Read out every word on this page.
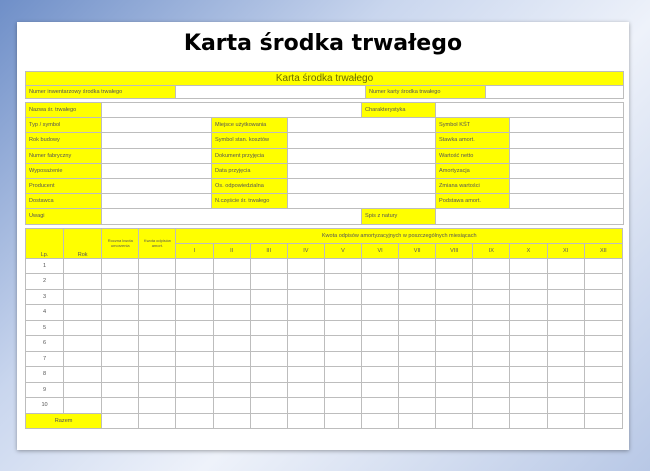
Karta środka trwałego
Karta środka trwałego
Numer inwentarzowy środka trwałego		Numer karty środka trwałego	
Nazwa śr. trwałego				Charakterystyka		
Typ / symbol		Miejsce użytkowania			Symbol KŚT	
Rok budowy		Symbol stan. kosztów			Stawka amort.	
Numer fabryczny		Dokument przyjęcia			Wartość netto	
Wyposażenie		Data przyjęcia			Amortyzacja	
Producent		Os. odpowiedzialna			Zmiana wartości	
Dostawca		N.częście śr. trwałego			Podstawa amort.	
Uwagi				Spis z natury		
Lp.	Rok	Roczna kwota umorzenia	Kwota odpisów amort.	Kwota odpisów amortyzacyjnych w poszczególnych miesiącach											
				I	II	III	IV	V	VI	VII	VIII	IX	X	XI	XII
1															
2															
3															
4															
5															
6															
7															
8															
9															
10															
Razem															
